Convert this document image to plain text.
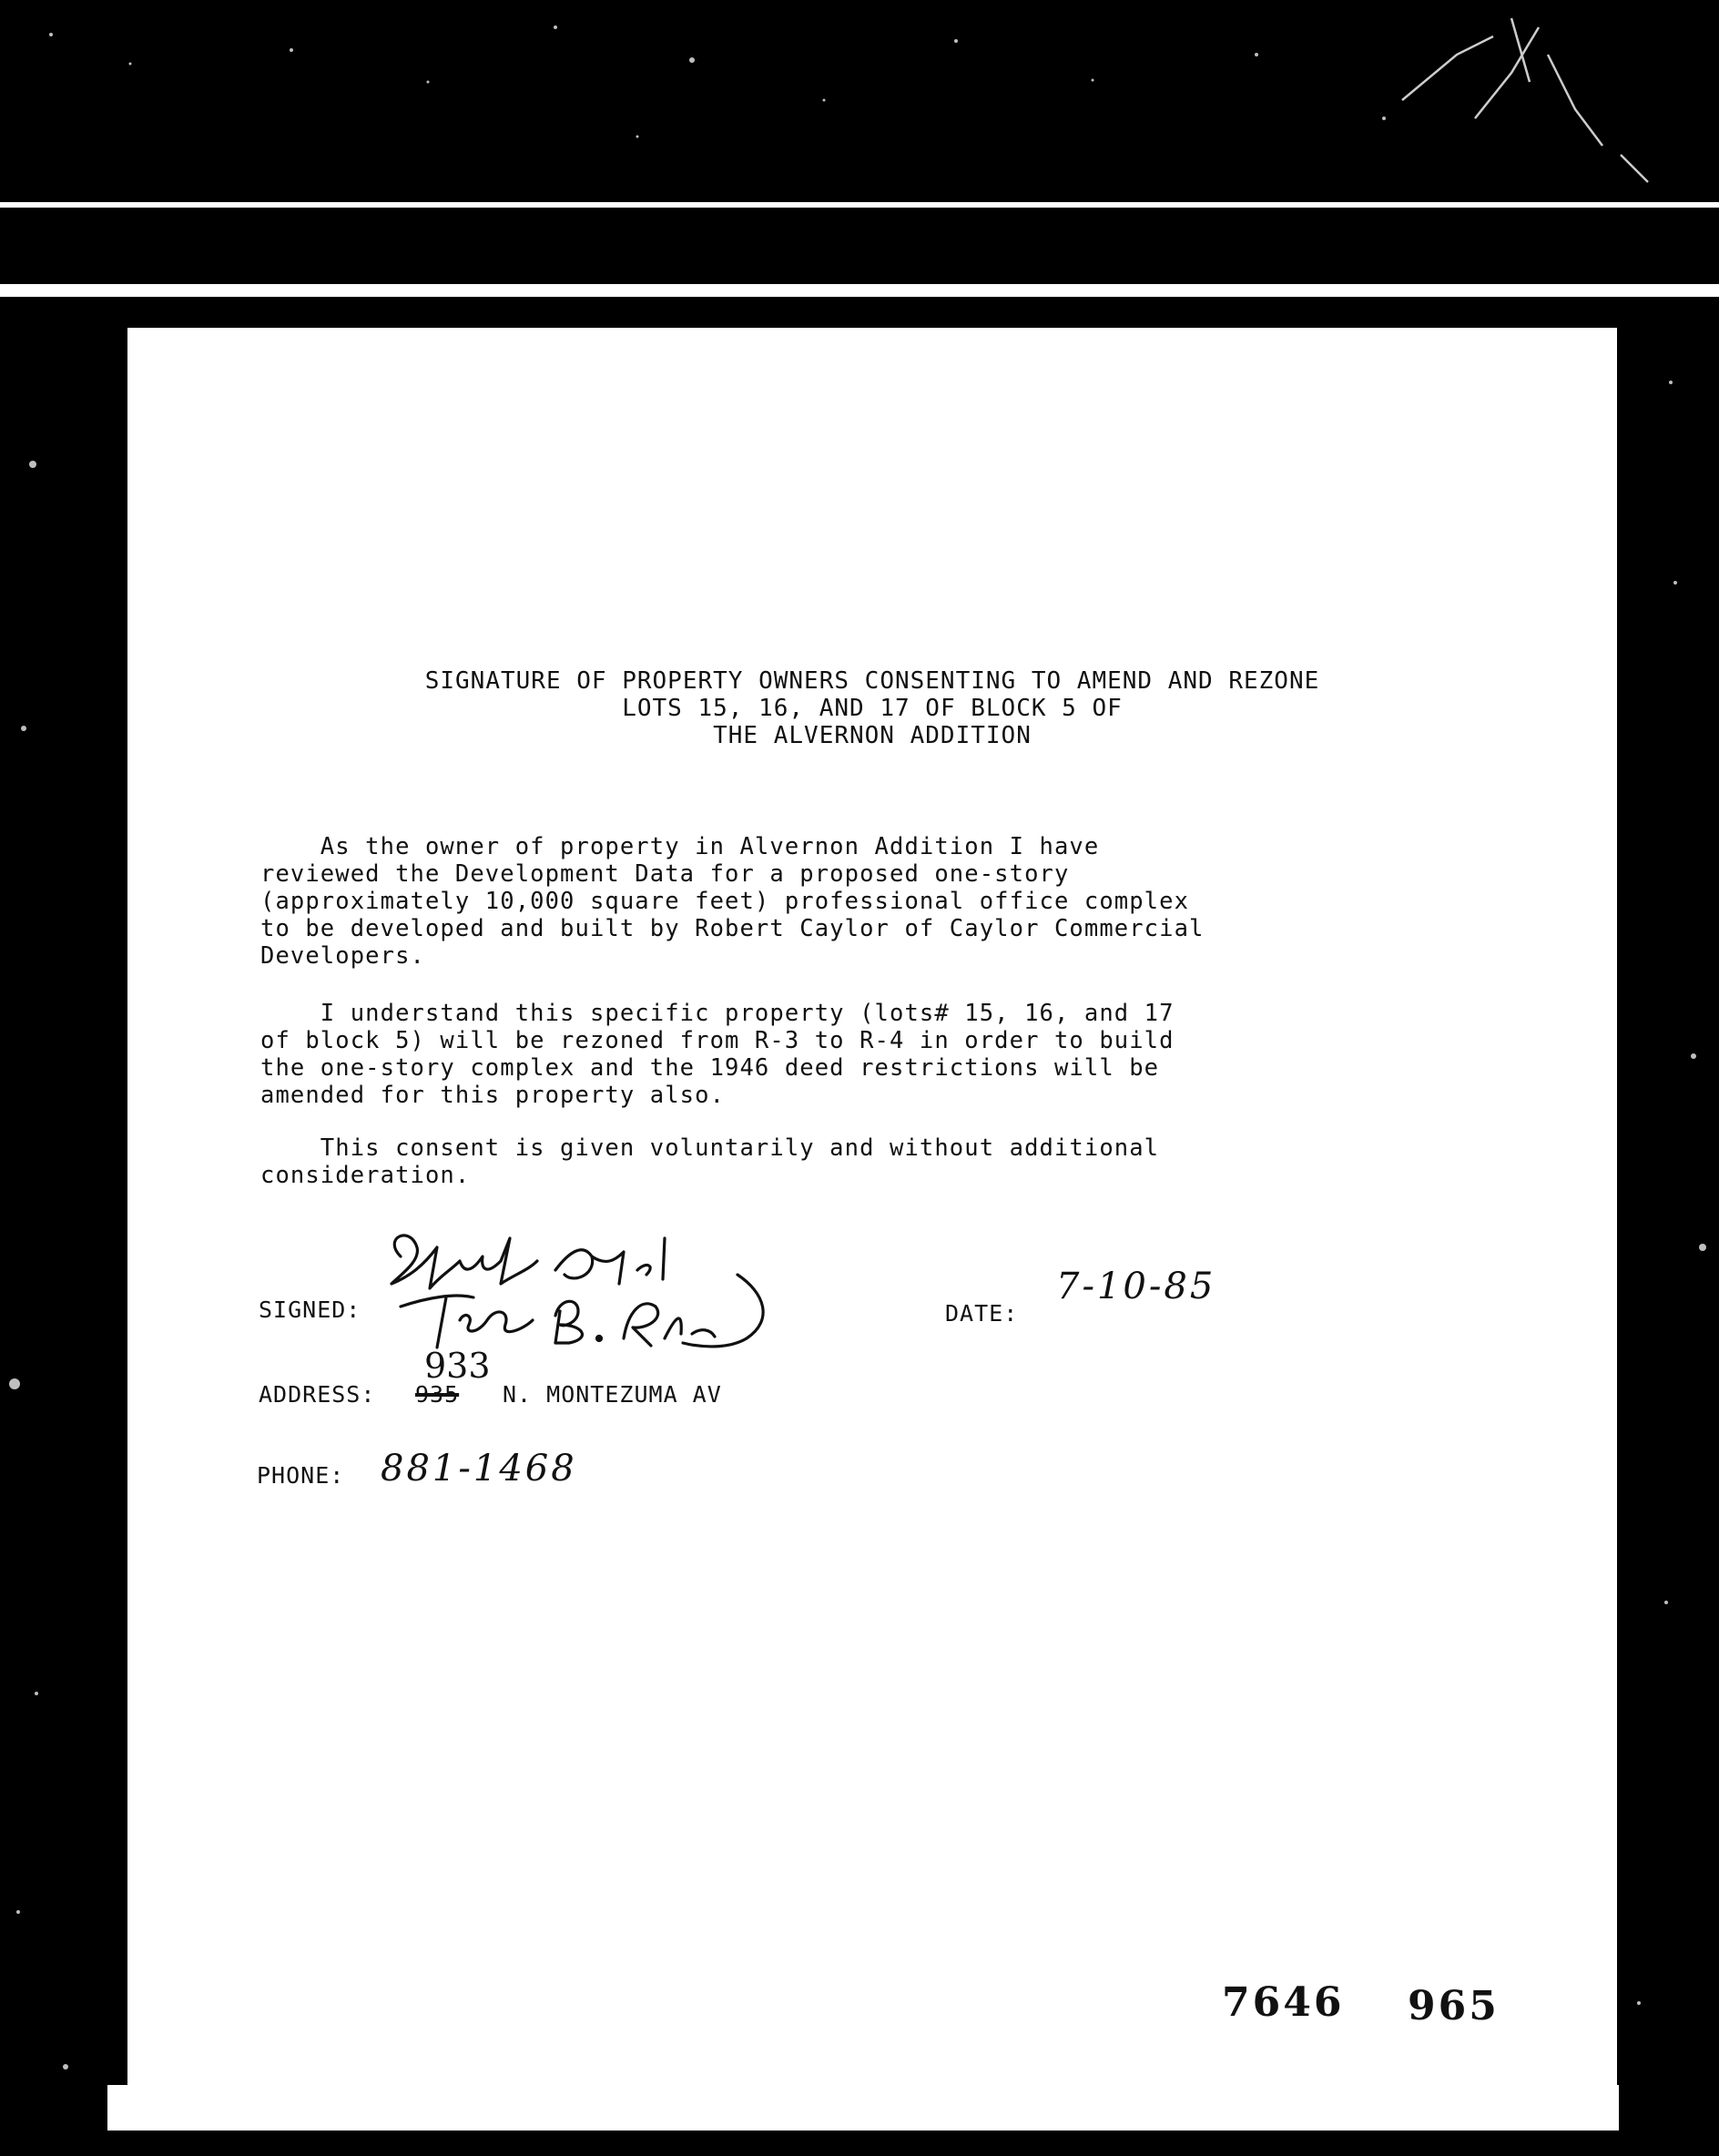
SIGNATURE OF PROPERTY OWNERS CONSENTING TO AMEND AND REZONE
LOTS 15, 16, AND 17 OF BLOCK 5 OF
THE ALVERNON ADDITION
As the owner of property in Alvernon Addition I have
reviewed the Development Data for a proposed one-story
(approximately 10,000 square feet) professional office complex
to be developed and built by Robert Caylor of Caylor Commercial
Developers.
I understand this specific property (lots# 15, 16, and 17
of block 5) will be rezoned from R-3 to R-4 in order to build
the one-story complex and the 1946 deed restrictions will be
amended for this property also.
This consent is given voluntarily and without additional
consideration.
SIGNED:	DATE:
7-10-85
ADDRESS:
933
935 N. MONTEZUMA AV
PHONE: 881-1468
7646 965
